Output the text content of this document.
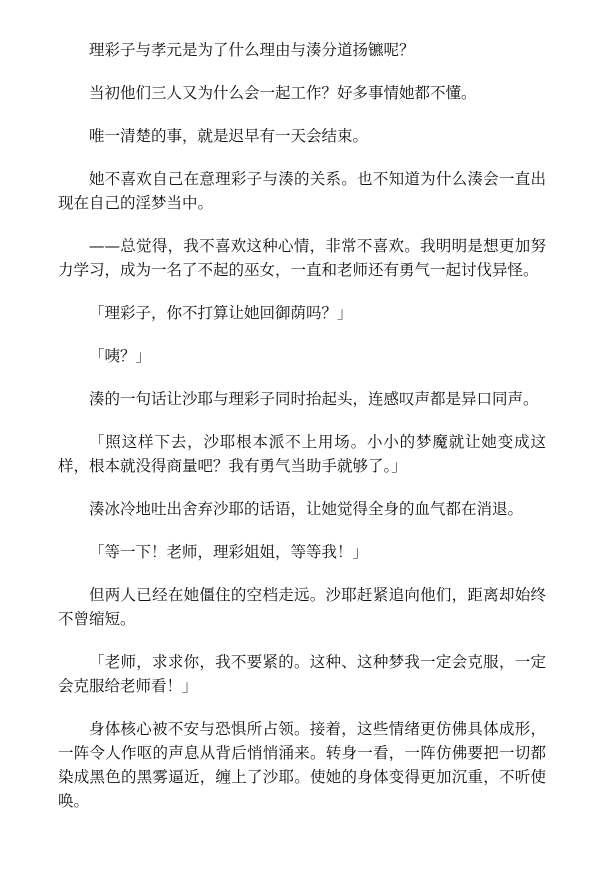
理彩子与孝元是为了什么理由与湊分道扬镳呢？

当初他们三人又为什么会一起工作？好多事情她都不懂。

唯一清楚的事，就是迟早有一天会结束。

她不喜欢自己在意理彩子与湊的关系。也不知道为什么湊会一直出现在自己的淫梦当中。

——总觉得，我不喜欢这种心情，非常不喜欢。我明明是想更加努力学习，成为一名了不起的巫女，一直和老师还有勇气一起讨伐异怪。

「理彩子，你不打算让她回御荫吗？」

「咦？」

湊的一句话让沙耶与理彩子同时抬起头，连感叹声都是异口同声。

「照这样下去，沙耶根本派不上用场。小小的梦魔就让她变成这样，根本就没得商量吧？我有勇气当助手就够了。」

湊冰冷地吐出舍弃沙耶的话语，让她觉得全身的血气都在消退。

「等一下！老师，理彩姐姐，等等我！」

但两人已经在她僵住的空档走远。沙耶赶紧追向他们，距离却始终不曾缩短。

「老师，求求你，我不要紧的。这种、这种梦我一定会克服，一定会克服给老师看！」

身体核心被不安与恐惧所占领。接着，这些情绪更仿佛具体成形，一阵令人作呕的声息从背后悄悄涌来。转身一看，一阵仿佛要把一切都染成黑色的黑雾逼近，缠上了沙耶。使她的身体变得更加沉重，不听使唤。
